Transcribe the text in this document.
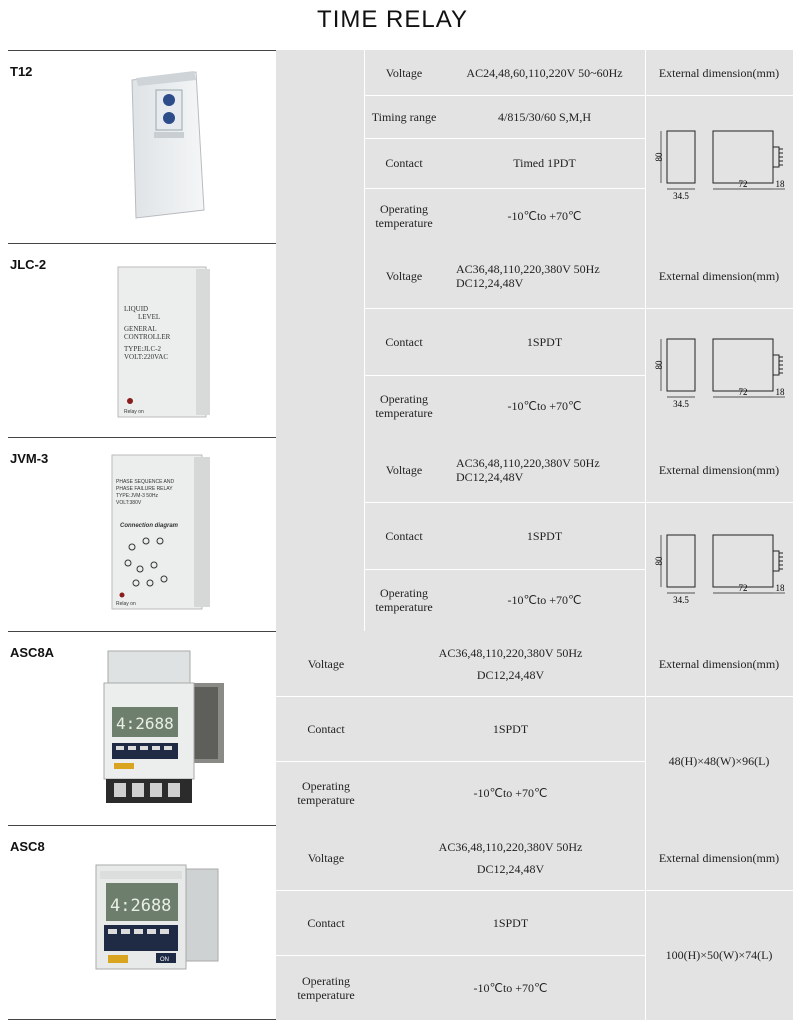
TIME RELAY
T12	Voltage	AC24,48,60,110,220V 50~60Hz
Timing range	4/815/30/60 S,M,H
Contact	Timed 1PDT
Operating temperature	-10℃to +70℃
External dimension(mm)
80
34.5
72	18
JLC-2
LIQUID
LEVEL
GENERAL
CONTROLLER
TYPE:JLC-2
VOLT:220VAC
Relay on
Voltage	AC36,48,110,220,380V 50Hz
DC12,24,48V
Contact	1SPDT
Operating temperature	-10℃to +70℃
External dimension(mm)
80
34.5
72	18
JVM-3
PHASE SEQUENCE AND
PHASE FAILURE RELAY
TYPE:JVM-3 50Hz
VOLT:380V
Connection diagram
Relay on
Voltage	AC36,48,110,220,380V 50Hz
DC12,24,48V
Contact	1SPDT
Operating temperature	-10℃to +70℃
External dimension(mm)
80
34.5
72	18
ASC8A
4:2688
Voltage
AC36,48,110,220,380V 50Hz
DC12,24,48V
Contact	1SPDT
Operating temperature	-10℃to +70℃
External dimension(mm)
48(H)×48(W)×96(L)
ASC8
4:2688
ON
Voltage
AC36,48,110,220,380V 50Hz
DC12,24,48V
Contact	1SPDT
Operating temperature	-10℃to +70℃
External dimension(mm)
100(H)×50(W)×74(L)
